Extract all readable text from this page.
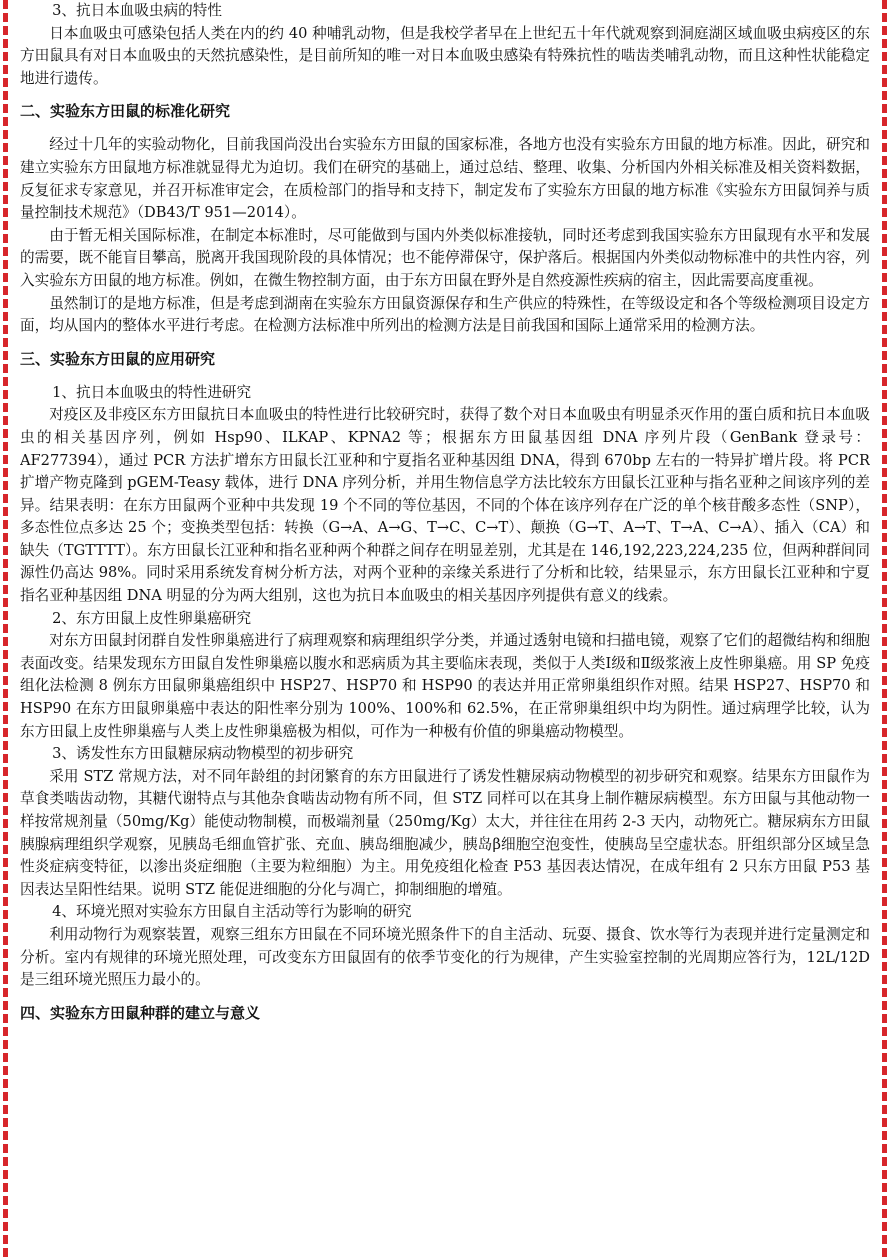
3、抗日本血吸虫病的特性

日本血吸虫可感染包括人类在内的约 40 种哺乳动物，但是我校学者早在上世纪五十年代就观察到洞庭湖区域血吸虫病疫区的东方田鼠具有对日本血吸虫的天然抗感染性，是目前所知的唯一对日本血吸虫感染有特殊抗性的啮齿类哺乳动物，而且这种性状能稳定地进行遗传。

二、实验东方田鼠的标准化研究

经过十几年的实验动物化，目前我国尚没出台实验东方田鼠的国家标准，各地方也没有实验东方田鼠的地方标准。因此，研究和建立实验东方田鼠地方标准就显得尤为迫切。我们在研究的基础上，通过总结、整理、收集、分析国内外相关标准及相关资料数据，反复征求专家意见，并召开标准审定会，在质检部门的指导和支持下，制定发布了实验东方田鼠的地方标准《实验东方田鼠饲养与质量控制技术规范》（DB43/T 951—2014）。

由于暂无相关国际标准，在制定本标准时，尽可能做到与国内外类似标准接轨，同时还考虑到我国实验东方田鼠现有水平和发展的需要，既不能盲目攀高，脱离开我国现阶段的具体情况；也不能停滞保守，保护落后。根据国内外类似动物标准中的共性内容，列入实验东方田鼠的地方标准。例如，在微生物控制方面，由于东方田鼠在野外是自然疫源性疾病的宿主，因此需要高度重视。

虽然制订的是地方标准，但是考虑到湖南在实验东方田鼠资源保存和生产供应的特殊性，在等级设定和各个等级检测项目设定方面，均从国内的整体水平进行考虑。在检测方法标准中所列出的检测方法是目前我国和国际上通常采用的检测方法。

三、实验东方田鼠的应用研究

1、抗日本血吸虫的特性进研究

对疫区及非疫区东方田鼠抗日本血吸虫的特性进行比较研究时，获得了数个对日本血吸虫有明显杀灭作用的蛋白质和抗日本血吸虫的相关基因序列，例如 Hsp90、ILKAP、KPNA2 等；根据东方田鼠基因组 DNA 序列片段（GenBank 登录号：AF277394），通过 PCR 方法扩增东方田鼠长江亚种和宁夏指名亚种基因组 DNA，得到 670bp 左右的一特异扩增片段。将 PCR 扩增产物克隆到 pGEM-Teasy 载体，进行 DNA 序列分析，并用生物信息学方法比较东方田鼠长江亚种与指名亚种之间该序列的差异。结果表明：在东方田鼠两个亚种中共发现 19 个不同的等位基因，不同的个体在该序列存在广泛的单个核苷酸多态性（SNP），多态性位点多达 25 个；变换类型包括：转换（G→A、A→G、T→C、C→T）、颠换（G→T、A→T、T→A、C→A）、插入（CA）和缺失（TGTTTT）。东方田鼠长江亚种和指名亚种两个种群之间存在明显差别，尤其是在 146,192,223,224,235 位，但两种群间同源性仍高达 98%。同时采用系统发育树分析方法，对两个亚种的亲缘关系进行了分析和比较，结果显示，东方田鼠长江亚种和宁夏指名亚种基因组 DNA 明显的分为两大组别，这也为抗日本血吸虫的相关基因序列提供有意义的线索。

2、东方田鼠上皮性卵巢癌研究

对东方田鼠封闭群自发性卵巢癌进行了病理观察和病理组织学分类，并通过透射电镜和扫描电镜，观察了它们的超微结构和细胞表面改变。结果发现东方田鼠自发性卵巢癌以腹水和恶病质为其主要临床表现，类似于人类Ⅰ级和Ⅱ级浆液上皮性卵巢癌。用 SP 免疫组化法检测 8 例东方田鼠卵巢癌组织中 HSP27、HSP70 和 HSP90 的表达并用正常卵巢组织作对照。结果 HSP27、HSP70 和 HSP90 在东方田鼠卵巢癌中表达的阳性率分别为 100%、100%和 62.5%，在正常卵巢组织中均为阴性。通过病理学比较，认为东方田鼠上皮性卵巢癌与人类上皮性卵巢癌极为相似，可作为一种极有价值的卵巢癌动物模型。

3、诱发性东方田鼠糖尿病动物模型的初步研究

采用 STZ 常规方法，对不同年龄组的封闭繁育的东方田鼠进行了诱发性糖尿病动物模型的初步研究和观察。结果东方田鼠作为草食类啮齿动物，其糖代谢特点与其他杂食啮齿动物有所不同，但 STZ 同样可以在其身上制作糖尿病模型。东方田鼠与其他动物一样按常规剂量（50mg/Kg）能使动物制模，而极端剂量（250mg/Kg）太大，并往往在用药 2-3 天内，动物死亡。糖尿病东方田鼠胰腺病理组织学观察，见胰岛毛细血管扩张、充血、胰岛细胞减少，胰岛β细胞空泡变性，使胰岛呈空虚状态。肝组织部分区域呈急性炎症病变特征，以渗出炎症细胞（主要为粒细胞）为主。用免疫组化检查 P53 基因表达情况，在成年组有 2 只东方田鼠 P53 基因表达呈阳性结果。说明 STZ 能促进细胞的分化与凋亡，抑制细胞的增殖。

4、环境光照对实验东方田鼠自主活动等行为影响的研究

利用动物行为观察装置，观察三组东方田鼠在不同环境光照条件下的自主活动、玩耍、摄食、饮水等行为表现并进行定量测定和分析。室内有规律的环境光照处理，可改变东方田鼠固有的依季节变化的行为规律，产生实验室控制的光周期应答行为，12L/12D 是三组环境光照压力最小的。

四、实验东方田鼠种群的建立与意义
